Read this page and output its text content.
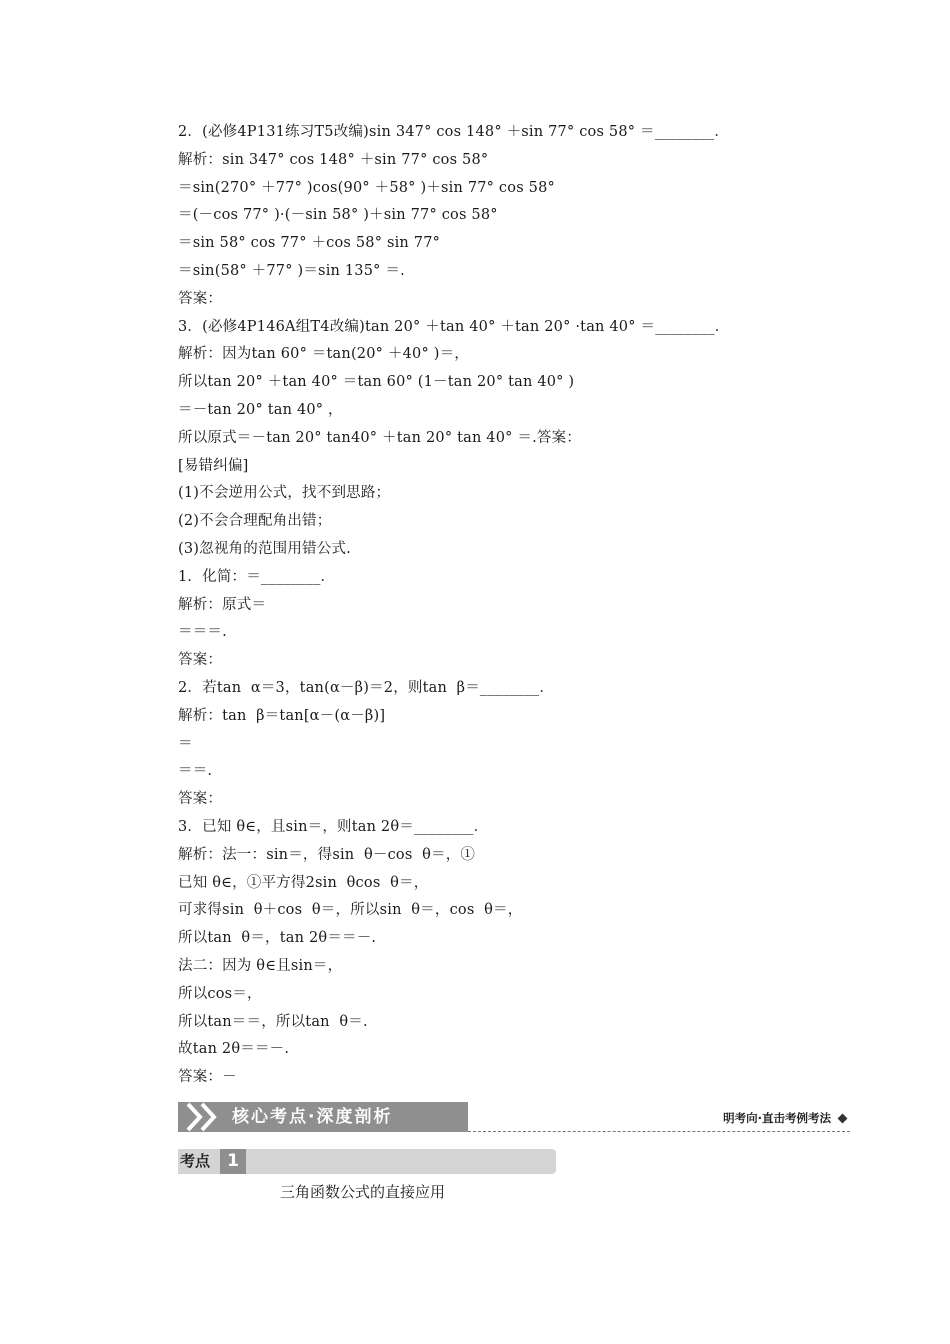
2．(必修4P131练习T5改编)sin 347° cos 148° ＋sin 77° cos 58° ＝________．
解析：sin 347° cos 148° ＋sin 77° cos 58°
＝sin(270° ＋77° )cos(90° ＋58° )＋sin 77° cos 58°
＝(－cos 77° )·(－sin 58° )＋sin 77° cos 58°
＝sin 58° cos 77° ＋cos 58° sin 77°
＝sin(58° ＋77° )＝sin 135° ＝.
答案：
3．(必修4P146A组T4改编)tan 20° ＋tan 40° ＋tan 20° ·tan 40° ＝________．
解析：因为tan 60° ＝tan(20° ＋40° )＝，
所以tan 20° ＋tan 40° ＝tan 60° (1－tan 20° tan 40° )
＝－tan 20° tan 40° ，
所以原式＝－tan 20° tan40° ＋tan 20° tan 40° ＝.答案：
[易错纠偏]
(1)不会逆用公式，找不到思路；
(2)不会合理配角出错；
(3)忽视角的范围用错公式.
1．化简：＝________．
解析：原式＝
＝＝＝.
答案：
2．若tan  α＝3，tan(α－β)＝2，则tan  β＝________．
解析：tan  β＝tan[α－(α－β)]
＝
＝＝.
答案：
3．已知 θ∈，且sin＝，则tan 2θ＝________．
解析：法一：sin＝，得sin  θ－cos  θ＝，①
已知 θ∈，①平方得2sin  θcos  θ＝，
可求得sin  θ＋cos  θ＝，所以sin  θ＝，cos  θ＝，
所以tan  θ＝，tan 2θ＝＝－.
法二：因为 θ∈且sin＝，
所以cos＝，
所以tan＝＝，所以tan  θ＝.
故tan 2θ＝＝－.
答案：－
核心考点·深度剖析	明考向·直击考例考法
考点	1
三角函数公式的直接应用
